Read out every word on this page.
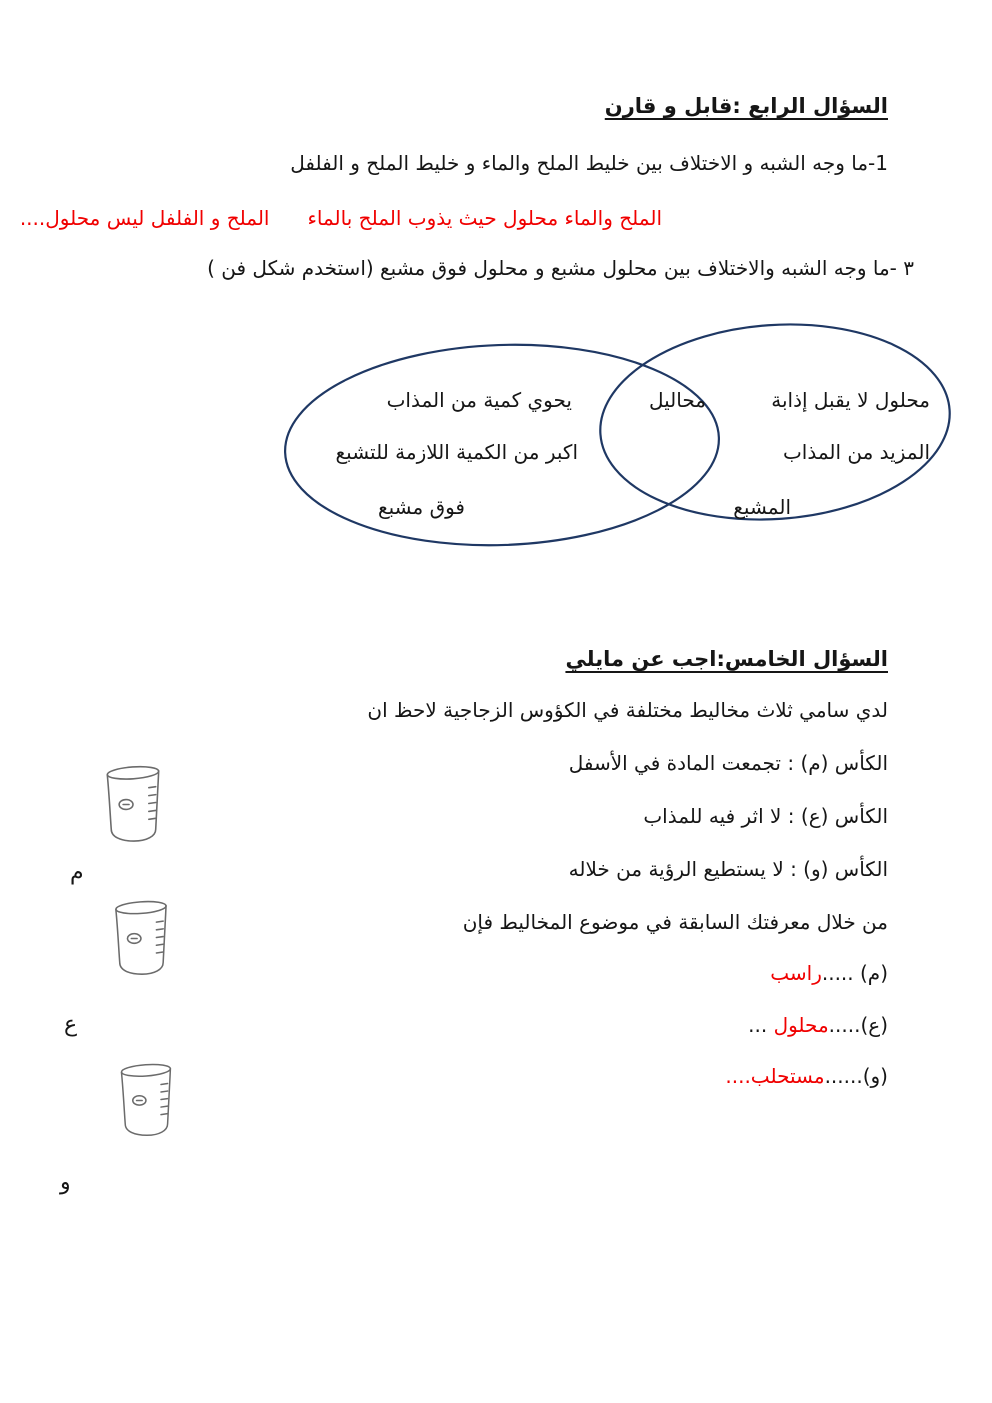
السؤال الرابع :قابل و قارن
1-ما وجه الشبه و الاختلاف بين خليط الملح والماء و خليط الملح و الفلفل
الملح والماء محلول حيث يذوب الملح بالماءالملح و الفلفل ليس محلول....
٣ -ما وجه الشبه والاختلاف بين محلول مشبع و محلول فوق مشبع (استخدم شكل فن )
يحوي كمية من المذاب	محاليل	محلول لا يقبل إذابة
اكبر من الكمية اللازمة للتشبع	المزيد من المذاب
فوق مشبع	المشبع
السؤال الخامس:اجب عن مايلي
لدي سامي ثلاث مخاليط مختلفة في الكؤوس الزجاجية لاحظ ان
الكأس (م) : تجمعت المادة في الأسفل
الكأس (ع) : لا اثر فيه للمذاب
الكأس (و) : لا يستطيع الرؤية من خلاله
من خلال معرفتك السابقة في موضوع المخاليط فإن
(م) .....راسب
(ع).....محلول ...
(و)......مستحلب....
م
ع
و
